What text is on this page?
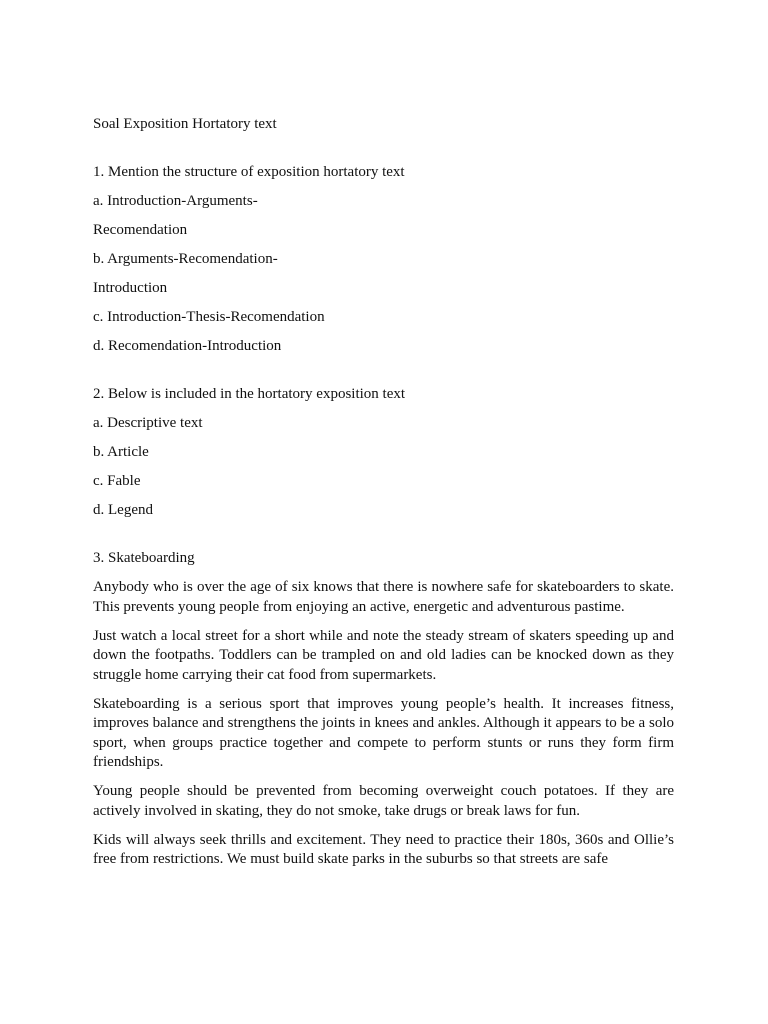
Soal Exposition Hortatory text

1. Mention the structure of exposition hortatory text

a. Introduction-Arguments-

Recomendation

b. Arguments-Recomendation-

Introduction

c. Introduction-Thesis-Recomendation

d. Recomendation-Introduction

2. Below is included in the hortatory exposition text

a. Descriptive text

b. Article

c. Fable

d. Legend

3. Skateboarding

Anybody who is over the age of six knows that there is nowhere safe for skateboarders to skate. This prevents young people from enjoying an active, energetic and adventurous pastime.

Just watch a local street for a short while and note the steady stream of skaters speeding up and down the footpaths. Toddlers can be trampled on and old ladies can be knocked down as they struggle home carrying their cat food from supermarkets.

Skateboarding is a serious sport that improves young people’s health. It increases fitness, improves balance and strengthens the joints in knees and ankles. Although it appears to be a solo sport, when groups practice together and compete to perform stunts or runs they form firm friendships.

Young people should be prevented from becoming overweight couch potatoes. If they are actively involved in skating, they do not smoke, take drugs or break laws for fun.

Kids will always seek thrills and excitement. They need to practice their 180s, 360s and Ollie’s free from restrictions. We must build skate parks in the suburbs so that streets are safe
